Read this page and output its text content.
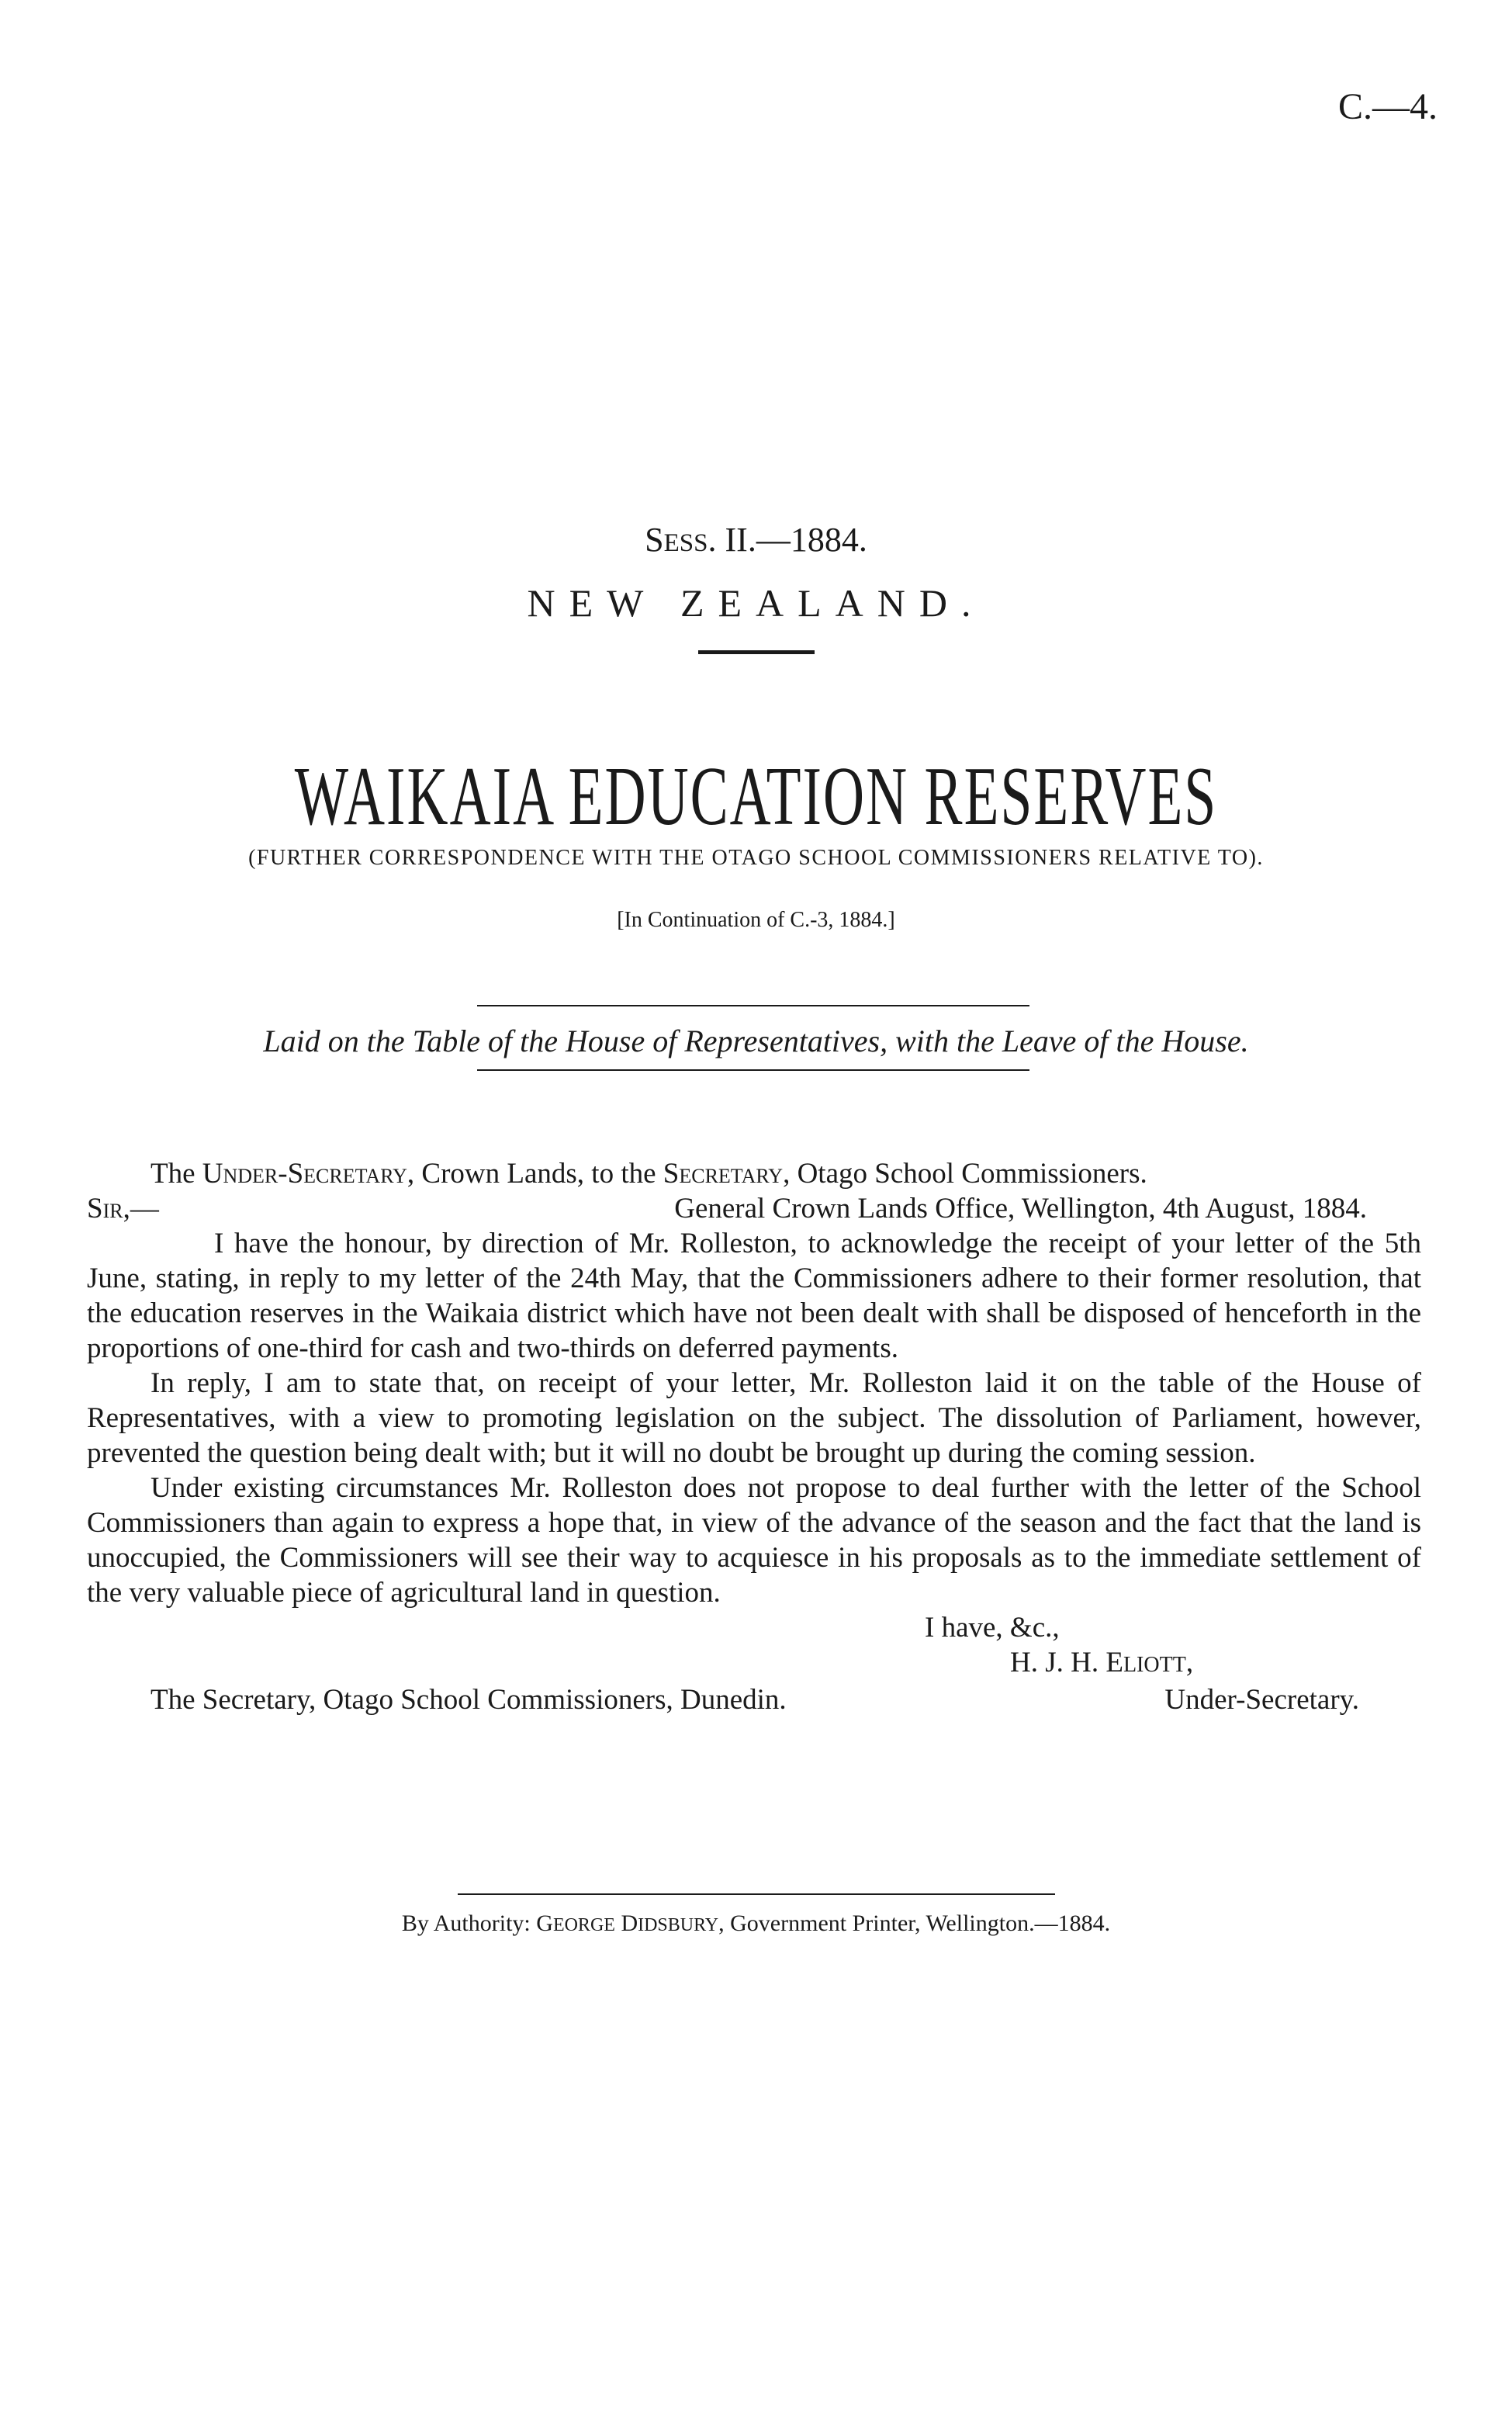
C.—4.
SESS. II.—1884.
NEW ZEALAND.
WAIKAIA EDUCATION RESERVES
(FURTHER CORRESPONDENCE WITH THE OTAGO SCHOOL COMMISSIONERS RELATIVE TO).
[In Continuation of C.-3, 1884.]
Laid on the Table of the House of Representatives, with the Leave of the House.
The Under-Secretary, Crown Lands, to the Secretary, Otago School Commissioners.
Sir,—	General Crown Lands Office, Wellington, 4th August, 1884.

I have the honour, by direction of Mr. Rolleston, to acknowledge the receipt of your letter of the 5th June, stating, in reply to my letter of the 24th May, that the Commissioners adhere to their former resolution, that the education reserves in the Waikaia district which have not been dealt with shall be disposed of henceforth in the proportions of one-third for cash and two-thirds on deferred payments.

In reply, I am to state that, on receipt of your letter, Mr. Rolleston laid it on the table of the House of Representatives, with a view to promoting legislation on the subject. The dissolution of Parliament, however, prevented the question being dealt with; but it will no doubt be brought up during the coming session.

Under existing circumstances Mr. Rolleston does not propose to deal further with the letter of the School Commissioners than again to express a hope that, in view of the advance of the season and the fact that the land is unoccupied, the Commissioners will see their way to acquiesce in his proposals as to the immediate settlement of the very valuable piece of agricultural land in question.

I have, &c.,
H. J. H. ELIOTT,
The Secretary, Otago School Commissioners, Dunedin.	Under-Secretary.
By Authority: GEORGE DIDSBURY, Government Printer, Wellington.—1884.
